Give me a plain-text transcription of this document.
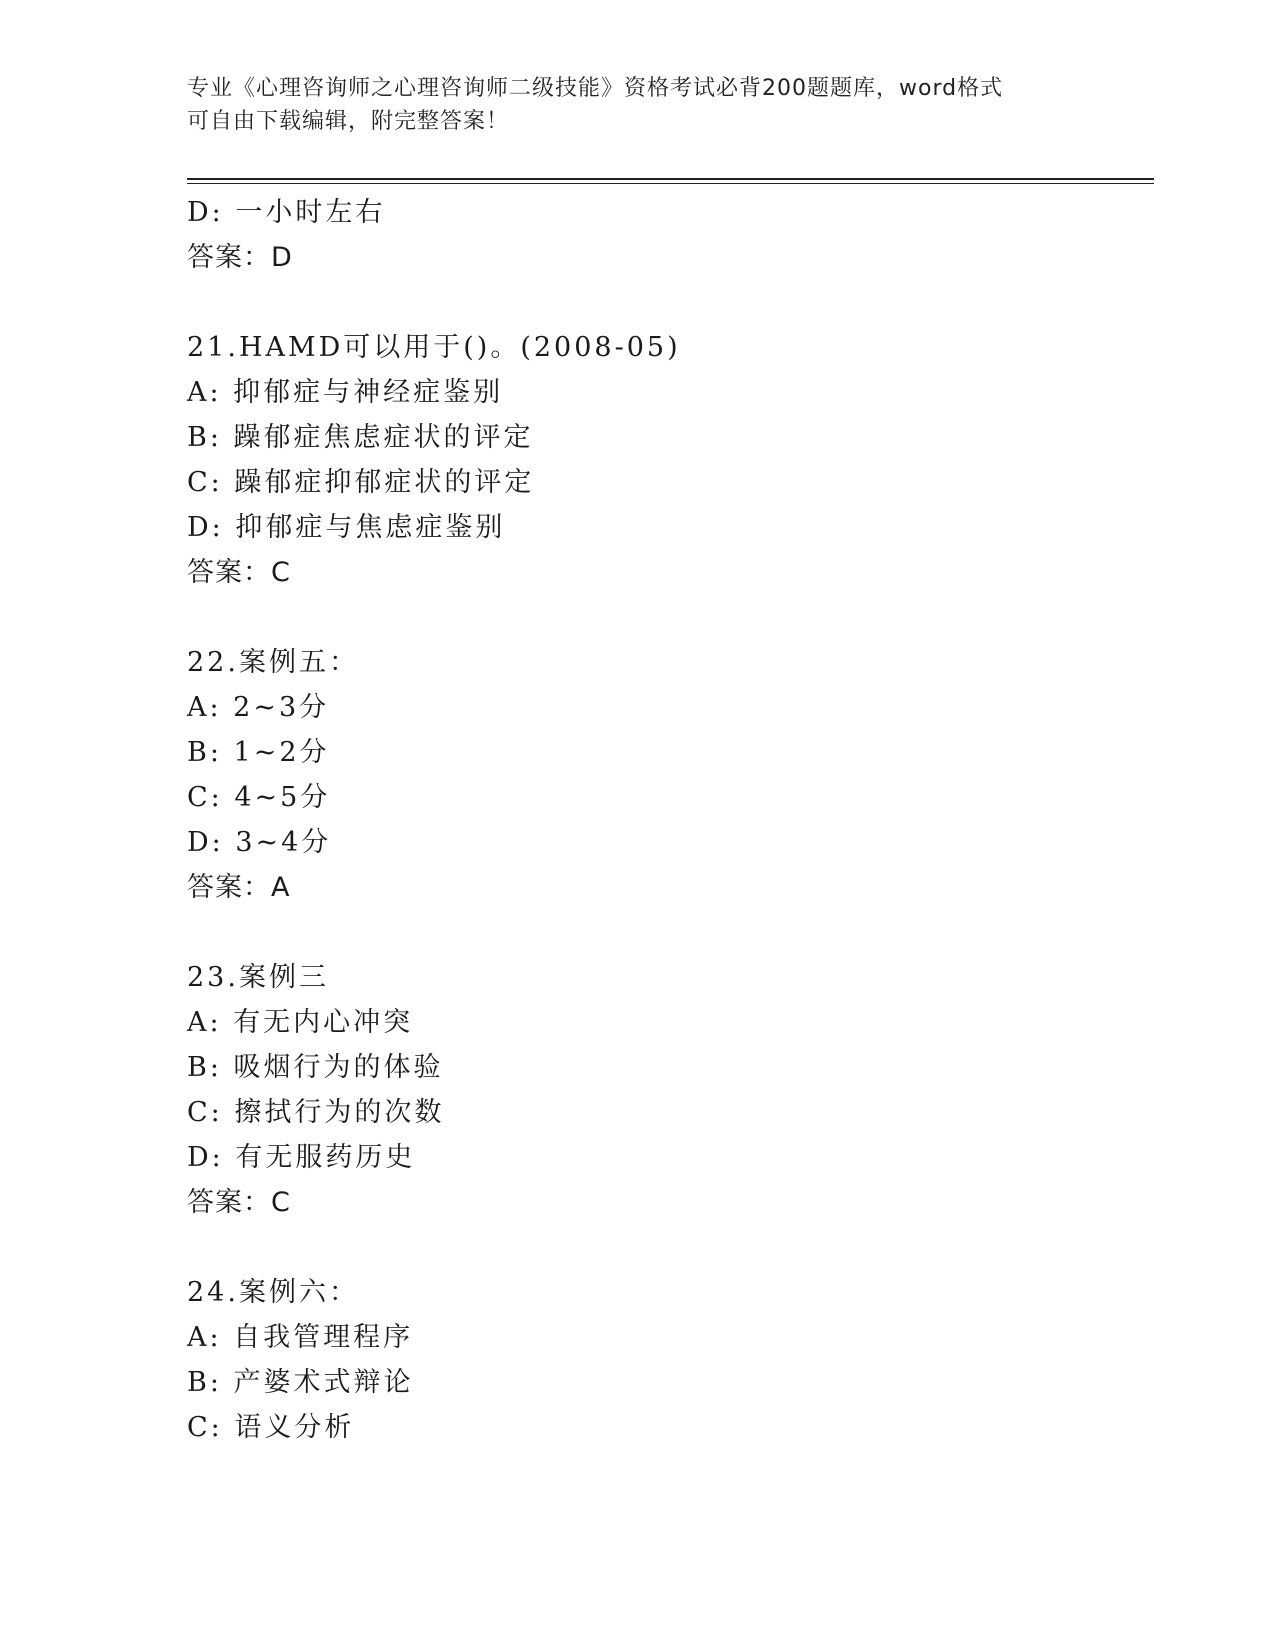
专业《心理咨询师之心理咨询师二级技能》资格考试必背200题题库，word格式
可自由下载编辑，附完整答案！
D: 一小时左右
答案：D
21.HAMD可以用于()。(2008-05)
A: 抑郁症与神经症鉴别
B: 躁郁症焦虑症状的评定
C: 躁郁症抑郁症状的评定
D: 抑郁症与焦虑症鉴别
答案：C
22.案例五：
A: 2~3分
B: 1~2分
C: 4~5分
D: 3~4分
答案：A
23.案例三
A: 有无内心冲突
B: 吸烟行为的体验
C: 擦拭行为的次数
D: 有无服药历史
答案：C
24.案例六：
A: 自我管理程序
B: 产婆术式辩论
C: 语义分析
